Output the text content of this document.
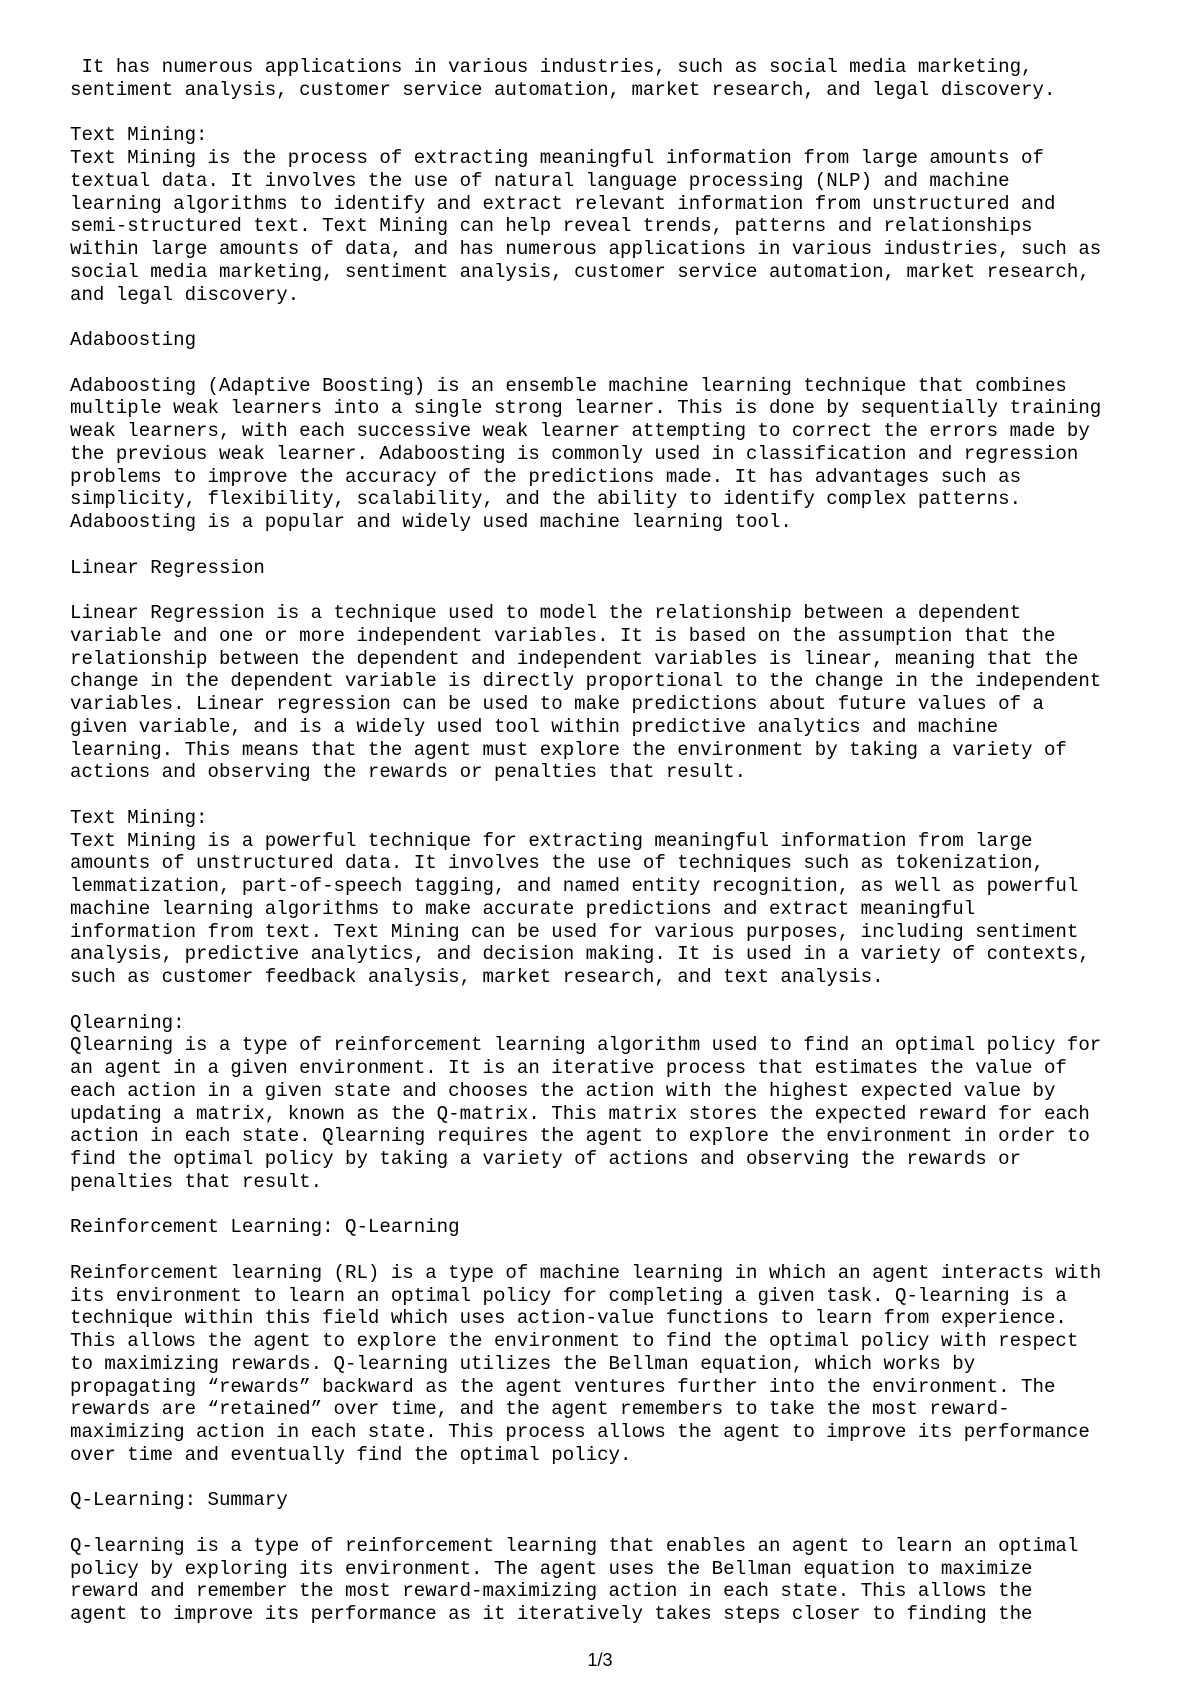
It has numerous applications in various industries, such as social media marketing,
sentiment analysis, customer service automation, market research, and legal discovery.

Text Mining:
Text Mining is the process of extracting meaningful information from large amounts of
textual data. It involves the use of natural language processing (NLP) and machine
learning algorithms to identify and extract relevant information from unstructured and
semi-structured text. Text Mining can help reveal trends, patterns and relationships
within large amounts of data, and has numerous applications in various industries, such as
social media marketing, sentiment analysis, customer service automation, market research,
and legal discovery.

Adaboosting

Adaboosting (Adaptive Boosting) is an ensemble machine learning technique that combines
multiple weak learners into a single strong learner. This is done by sequentially training
weak learners, with each successive weak learner attempting to correct the errors made by
the previous weak learner. Adaboosting is commonly used in classification and regression
problems to improve the accuracy of the predictions made. It has advantages such as
simplicity, flexibility, scalability, and the ability to identify complex patterns.
Adaboosting is a popular and widely used machine learning tool.

Linear Regression

Linear Regression is a technique used to model the relationship between a dependent
variable and one or more independent variables. It is based on the assumption that the
relationship between the dependent and independent variables is linear, meaning that the
change in the dependent variable is directly proportional to the change in the independent
variables. Linear regression can be used to make predictions about future values of a
given variable, and is a widely used tool within predictive analytics and machine
learning. This means that the agent must explore the environment by taking a variety of
actions and observing the rewards or penalties that result.

Text Mining:
Text Mining is a powerful technique for extracting meaningful information from large
amounts of unstructured data. It involves the use of techniques such as tokenization,
lemmatization, part-of-speech tagging, and named entity recognition, as well as powerful
machine learning algorithms to make accurate predictions and extract meaningful
information from text. Text Mining can be used for various purposes, including sentiment
analysis, predictive analytics, and decision making. It is used in a variety of contexts,
such as customer feedback analysis, market research, and text analysis.

Qlearning:
Qlearning is a type of reinforcement learning algorithm used to find an optimal policy for
an agent in a given environment. It is an iterative process that estimates the value of
each action in a given state and chooses the action with the highest expected value by
updating a matrix, known as the Q-matrix. This matrix stores the expected reward for each
action in each state. Qlearning requires the agent to explore the environment in order to
find the optimal policy by taking a variety of actions and observing the rewards or
penalties that result.

Reinforcement Learning: Q-Learning

Reinforcement learning (RL) is a type of machine learning in which an agent interacts with
its environment to learn an optimal policy for completing a given task. Q-learning is a
technique within this field which uses action-value functions to learn from experience.
This allows the agent to explore the environment to find the optimal policy with respect
to maximizing rewards. Q-learning utilizes the Bellman equation, which works by
propagating “rewards” backward as the agent ventures further into the environment. The
rewards are “retained” over time, and the agent remembers to take the most reward-
maximizing action in each state. This process allows the agent to improve its performance
over time and eventually find the optimal policy.

Q-Learning: Summary

Q-learning is a type of reinforcement learning that enables an agent to learn an optimal
policy by exploring its environment. The agent uses the Bellman equation to maximize
reward and remember the most reward-maximizing action in each state. This allows the
agent to improve its performance as it iteratively takes steps closer to finding the
1/3
